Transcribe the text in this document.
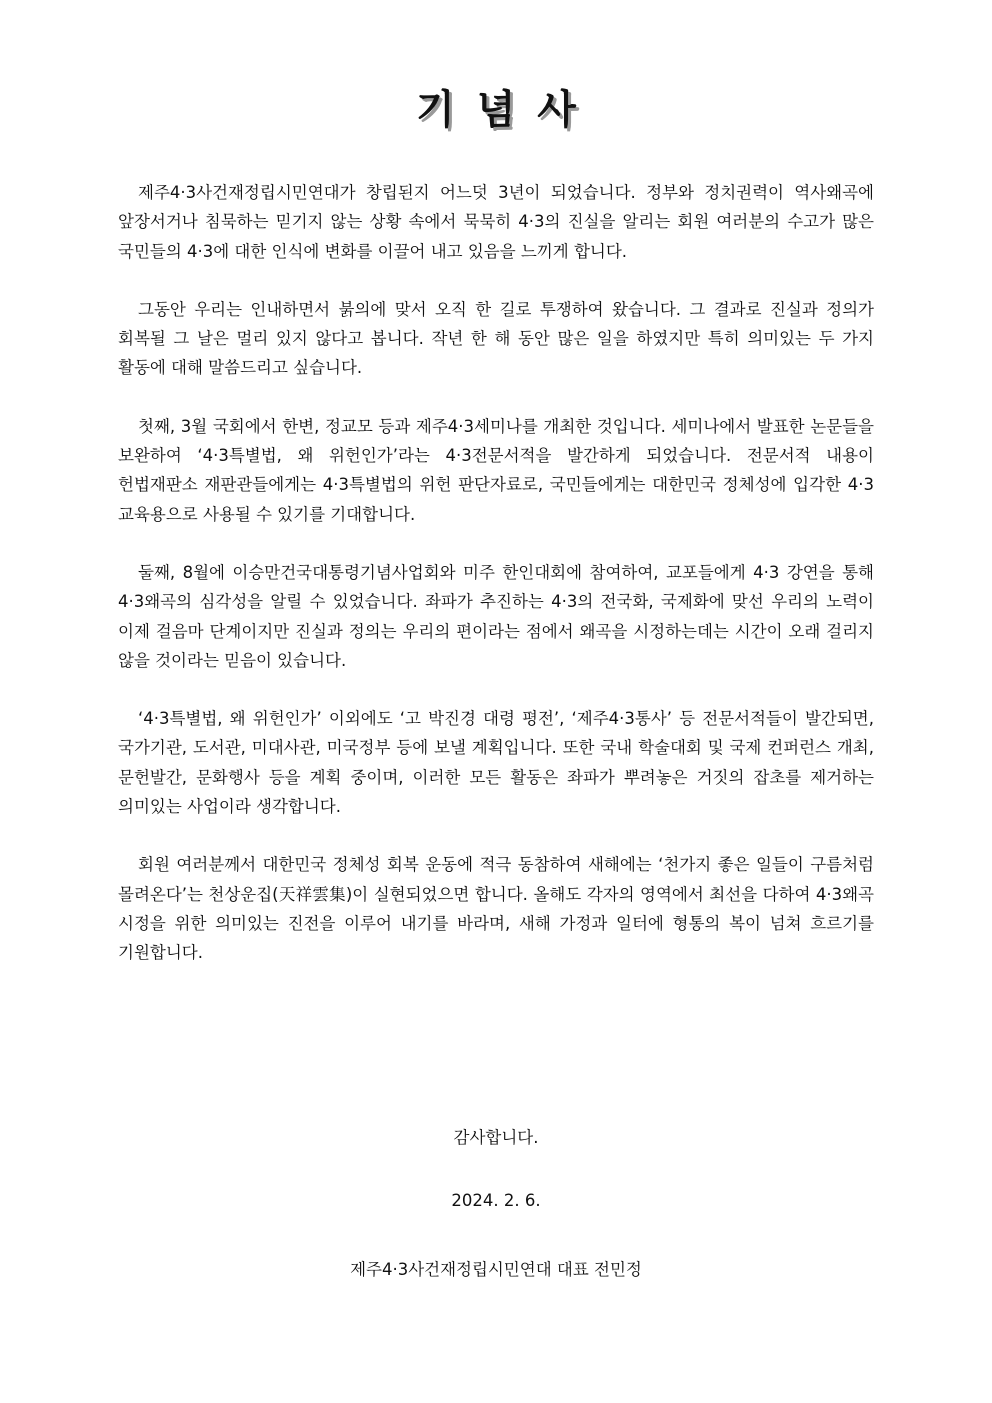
기념사

제주4·3사건재정립시민연대가 창립된지 어느덧 3년이 되었습니다. 정부와 정치권력이 역사왜곡에 앞장서거나 침묵하는 믿기지 않는 상황 속에서 묵묵히 4·3의 진실을 알리는 회원 여러분의 수고가 많은 국민들의 4·3에 대한 인식에 변화를 이끌어 내고 있음을 느끼게 합니다.

그동안 우리는 인내하면서 붉의에 맞서 오직 한 길로 투쟁하여 왔습니다. 그 결과로 진실과 정의가 회복될 그 날은 멀리 있지 않다고 봅니다. 작년 한 해 동안 많은 일을 하였지만 특히 의미있는 두 가지 활동에 대해 말씀드리고 싶습니다.

첫째, 3월 국회에서 한변, 정교모 등과 제주4·3세미나를 개최한 것입니다. 세미나에서 발표한 논문들을 보완하여 ‘4·3특별법, 왜 위헌인가’라는 4·3전문서적을 발간하게 되었습니다. 전문서적 내용이 헌법재판소 재판관들에게는 4·3특별법의 위헌 판단자료로, 국민들에게는 대한민국 정체성에 입각한 4·3 교육용으로 사용될 수 있기를 기대합니다.

둘째, 8월에 이승만건국대통령기념사업회와 미주 한인대회에 참여하여, 교포들에게 4·3 강연을 통해 4·3왜곡의 심각성을 알릴 수 있었습니다. 좌파가 추진하는 4·3의 전국화, 국제화에 맞선 우리의 노력이 이제 걸음마 단계이지만 진실과 정의는 우리의 편이라는 점에서 왜곡을 시정하는데는 시간이 오래 걸리지 않을 것이라는 믿음이 있습니다.

‘4·3특별법, 왜 위헌인가’ 이외에도 ‘고 박진경 대령 평전’, ‘제주4·3통사’ 등 전문서적들이 발간되면, 국가기관, 도서관, 미대사관, 미국정부 등에 보낼 계획입니다. 또한 국내 학술대회 및 국제 컨퍼런스 개최, 문헌발간, 문화행사 등을 계획 중이며, 이러한 모든 활동은 좌파가 뿌려놓은 거짓의 잡초를 제거하는 의미있는 사업이라 생각합니다.

회원 여러분께서 대한민국 정체성 회복 운동에 적극 동참하여 새해에는 ‘천가지 좋은 일들이 구름처럼 몰려온다’는 천상운집(天祥雲集)이 실현되었으면 합니다. 올해도 각자의 영역에서 최선을 다하여 4·3왜곡 시정을 위한 의미있는 진전을 이루어 내기를 바라며, 새해 가정과 일터에 형통의 복이 넘쳐 흐르기를 기원합니다.

감사합니다.
2024. 2. 6.
제주4·3사건재정립시민연대 대표 전민정
